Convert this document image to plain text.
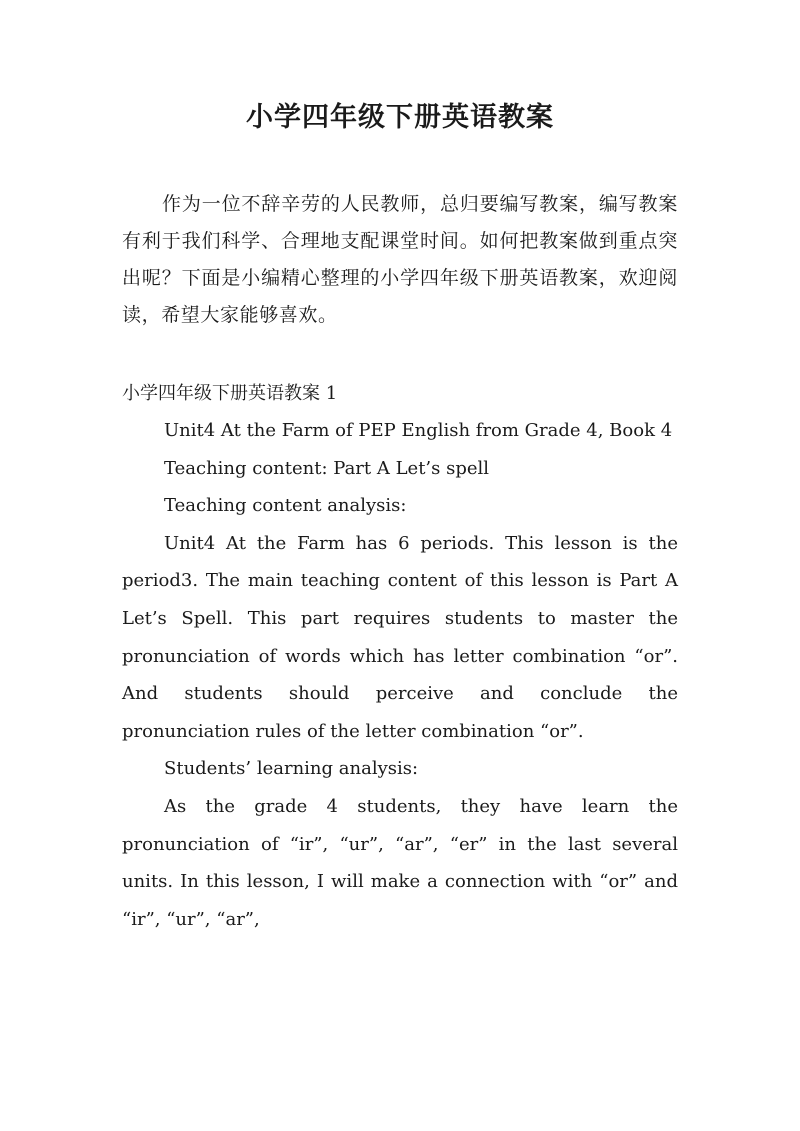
小学四年级下册英语教案

作为一位不辞辛劳的人民教师，总归要编写教案，编写教案有利于我们科学、合理地支配课堂时间。如何把教案做到重点突出呢？下面是小编精心整理的小学四年级下册英语教案，欢迎阅读，希望大家能够喜欢。

小学四年级下册英语教案 1

Unit4 At the Farm of PEP English from Grade 4, Book 4

Teaching content: Part A Let’s spell

Teaching content analysis:

Unit4 At the Farm has 6 periods. This lesson is the period3. The main teaching content of this lesson is Part A Let’s Spell. This part requires students to master the pronunciation of words which has letter combination “or”. And students should perceive and conclude the pronunciation rules of the letter combination “or”.

Students’ learning analysis:

As the grade 4 students, they have learn the pronunciation of “ir”, “ur”, “ar”, “er” in the last several units. In this lesson, I will make a connection with “or” and “ir”, “ur”, “ar”,
